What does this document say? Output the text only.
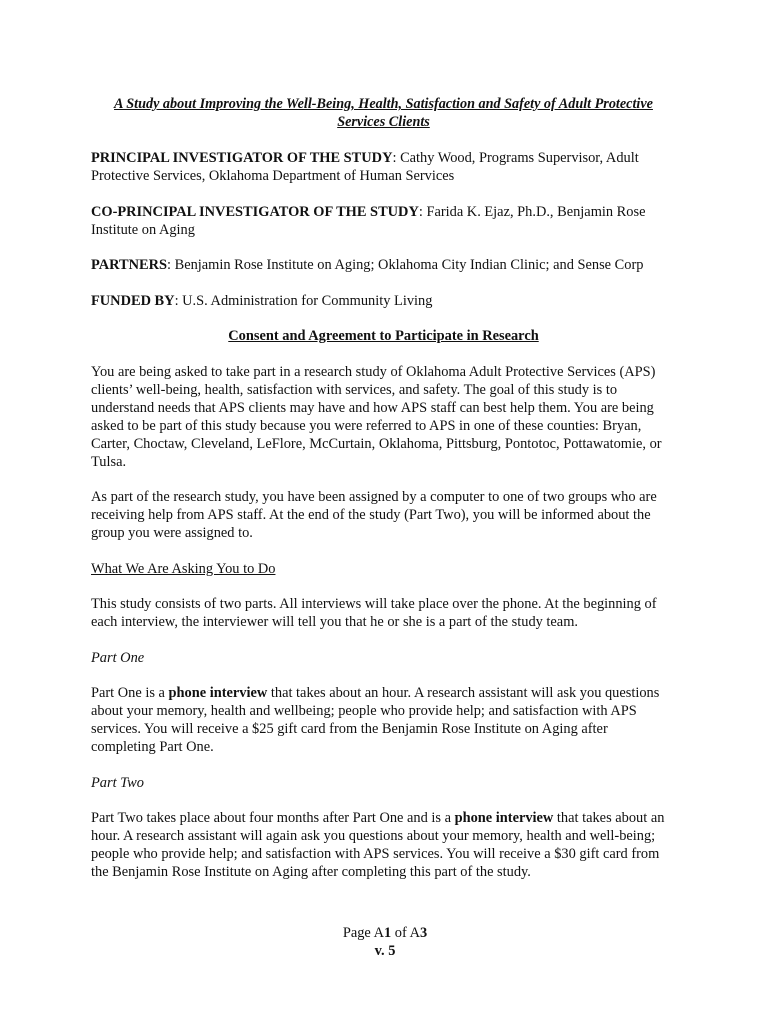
A Study about Improving the Well-Being, Health, Satisfaction and Safety of Adult Protective
Services Clients

PRINCIPAL INVESTIGATOR OF THE STUDY: Cathy Wood, Programs Supervisor, Adult Protective Services, Oklahoma Department of Human Services

CO-PRINCIPAL INVESTIGATOR OF THE STUDY: Farida K. Ejaz, Ph.D., Benjamin Rose Institute on Aging

PARTNERS: Benjamin Rose Institute on Aging; Oklahoma City Indian Clinic; and Sense Corp

FUNDED BY: U.S. Administration for Community Living

Consent and Agreement to Participate in Research

You are being asked to take part in a research study of Oklahoma Adult Protective Services (APS) clients’ well-being, health, satisfaction with services, and safety. The goal of this study is to understand needs that APS clients may have and how APS staff can best help them. You are being asked to be part of this study because you were referred to APS in one of these counties: Bryan, Carter, Choctaw, Cleveland, LeFlore, McCurtain, Oklahoma, Pittsburg, Pontotoc, Pottawatomie, or Tulsa.

As part of the research study, you have been assigned by a computer to one of two groups who are receiving help from APS staff. At the end of the study (Part Two), you will be informed about the group you were assigned to.

What We Are Asking You to Do

This study consists of two parts. All interviews will take place over the phone. At the beginning of each interview, the interviewer will tell you that he or she is a part of the study team.

Part One

Part One is a phone interview that takes about an hour. A research assistant will ask you questions about your memory, health and wellbeing; people who provide help; and satisfaction with APS services. You will receive a $25 gift card from the Benjamin Rose Institute on Aging after completing Part One.

Part Two

Part Two takes place about four months after Part One and is a phone interview that takes about an hour. A research assistant will again ask you questions about your memory, health and well-being; people who provide help; and satisfaction with APS services. You will receive a $30 gift card from the Benjamin Rose Institute on Aging after completing this part of the study.

Page A1 of A3
v. 5
